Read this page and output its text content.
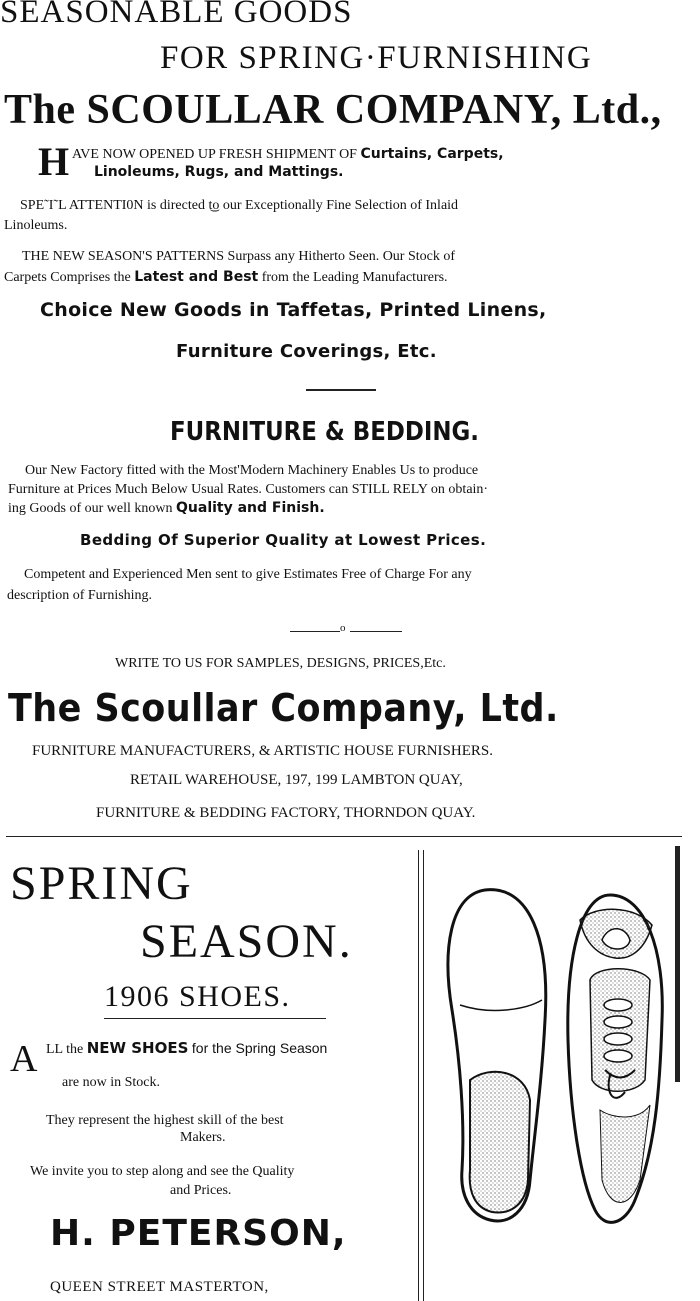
SEASONABLE GOODS
FOR SPRING·FURNISHING
The SCOULLAR COMPANY, Ltd.,
H AVE NOW OPENED UP FRESH SHIPMENT OF Curtains, Carpets,
Linoleums, Rugs, and Mattings.
SPE˜I˜L ATTENTI0N is directed t͜o our Exceptionally Fine Selection of Inlaid
Linoleums.
THE NEW SEASON'S PATTERNS Surpass any Hitherto Seen. Our Stock of
Carpets Comprises the Latest and Best from the Leading Manufacturers.
Choice New Goods in Taffetas, Printed Linens,
Furniture Coverings, Etc.
FURNITURE & BEDDING.
Our New Factory fitted with the Most'Modern Machinery Enables Us to produce
Furniture at Prices Much Below Usual Rates. Customers can STILL RELY on obtain·
ing Goods of our well known Quality and Finish.
Bedding Of Superior Quality at Lowest Prices.
Competent and Experienced Men sent to give Estimates Free of Charge For any
description of Furnishing.
o
WRITE TO US FOR SAMPLES, DESIGNS, PRICES,Etc.
The Scoullar Company, Ltd.
FURNITURE MANUFACTURERS, & ARTISTIC HOUSE FURNISHERS.
RETAIL WAREHOUSE, 197, 199 LAMBTON QUAY,
FURNITURE & BEDDING FACTORY, THORNDON QUAY.
SPRING
SEASON.
1906 SHOES.
A LL the NEW SHOES for the Spring Season
are now in Stock.
They represent the highest skill of the best
Makers.
We invite you to step along and see the Quality
and Prices.
H. PETERSON,
QUEEN STREET MASTERTON,
